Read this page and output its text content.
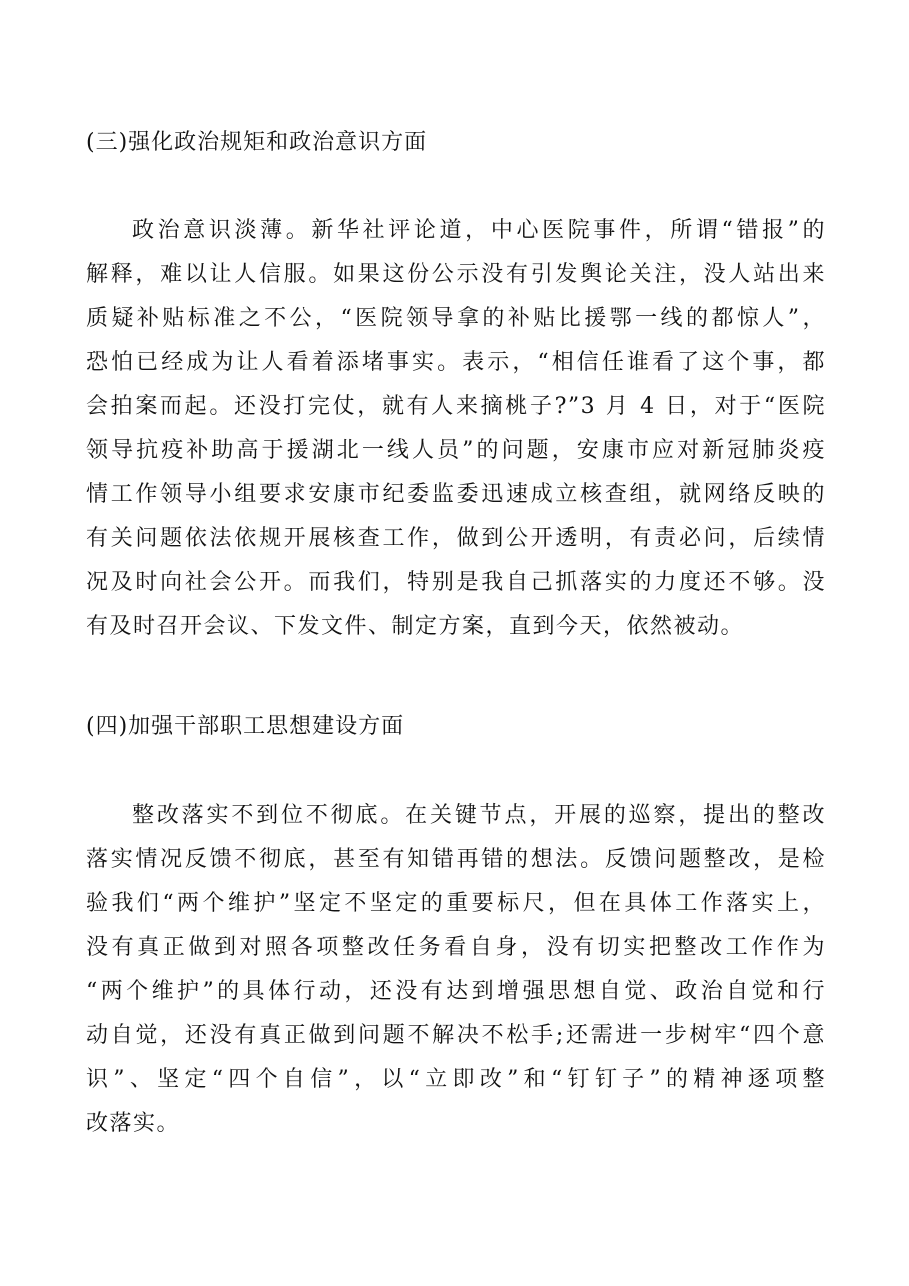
(三)强化政治规矩和政治意识方面
政治意识淡薄。新华社评论道，中心医院事件，所谓“错报”的
解释，难以让人信服。如果这份公示没有引发舆论关注，没人站出来
质疑补贴标准之不公，“医院领导拿的补贴比援鄂一线的都惊人”，
恐怕已经成为让人看着添堵事实。表示，“相信任谁看了这个事，都
会拍案而起。还没打完仗，就有人来摘桃子?”3 月 4 日，对于“医院
领导抗疫补助高于援湖北一线人员”的问题，安康市应对新冠肺炎疫
情工作领导小组要求安康市纪委监委迅速成立核查组，就网络反映的
有关问题依法依规开展核查工作，做到公开透明，有责必问，后续情
况及时向社会公开。而我们，特别是我自己抓落实的力度还不够。没
有及时召开会议、下发文件、制定方案，直到今天，依然被动。
(四)加强干部职工思想建设方面
整改落实不到位不彻底。在关键节点，开展的巡察，提出的整改
落实情况反馈不彻底，甚至有知错再错的想法。反馈问题整改，是检
验我们“两个维护”坚定不坚定的重要标尺，但在具体工作落实上，
没有真正做到对照各项整改任务看自身，没有切实把整改工作作为
“两个维护”的具体行动，还没有达到增强思想自觉、政治自觉和行
动自觉，还没有真正做到问题不解决不松手;还需进一步树牢“四个意
识”、坚定“四个自信”，以“立即改”和“钉钉子”的精神逐项整
改落实。
